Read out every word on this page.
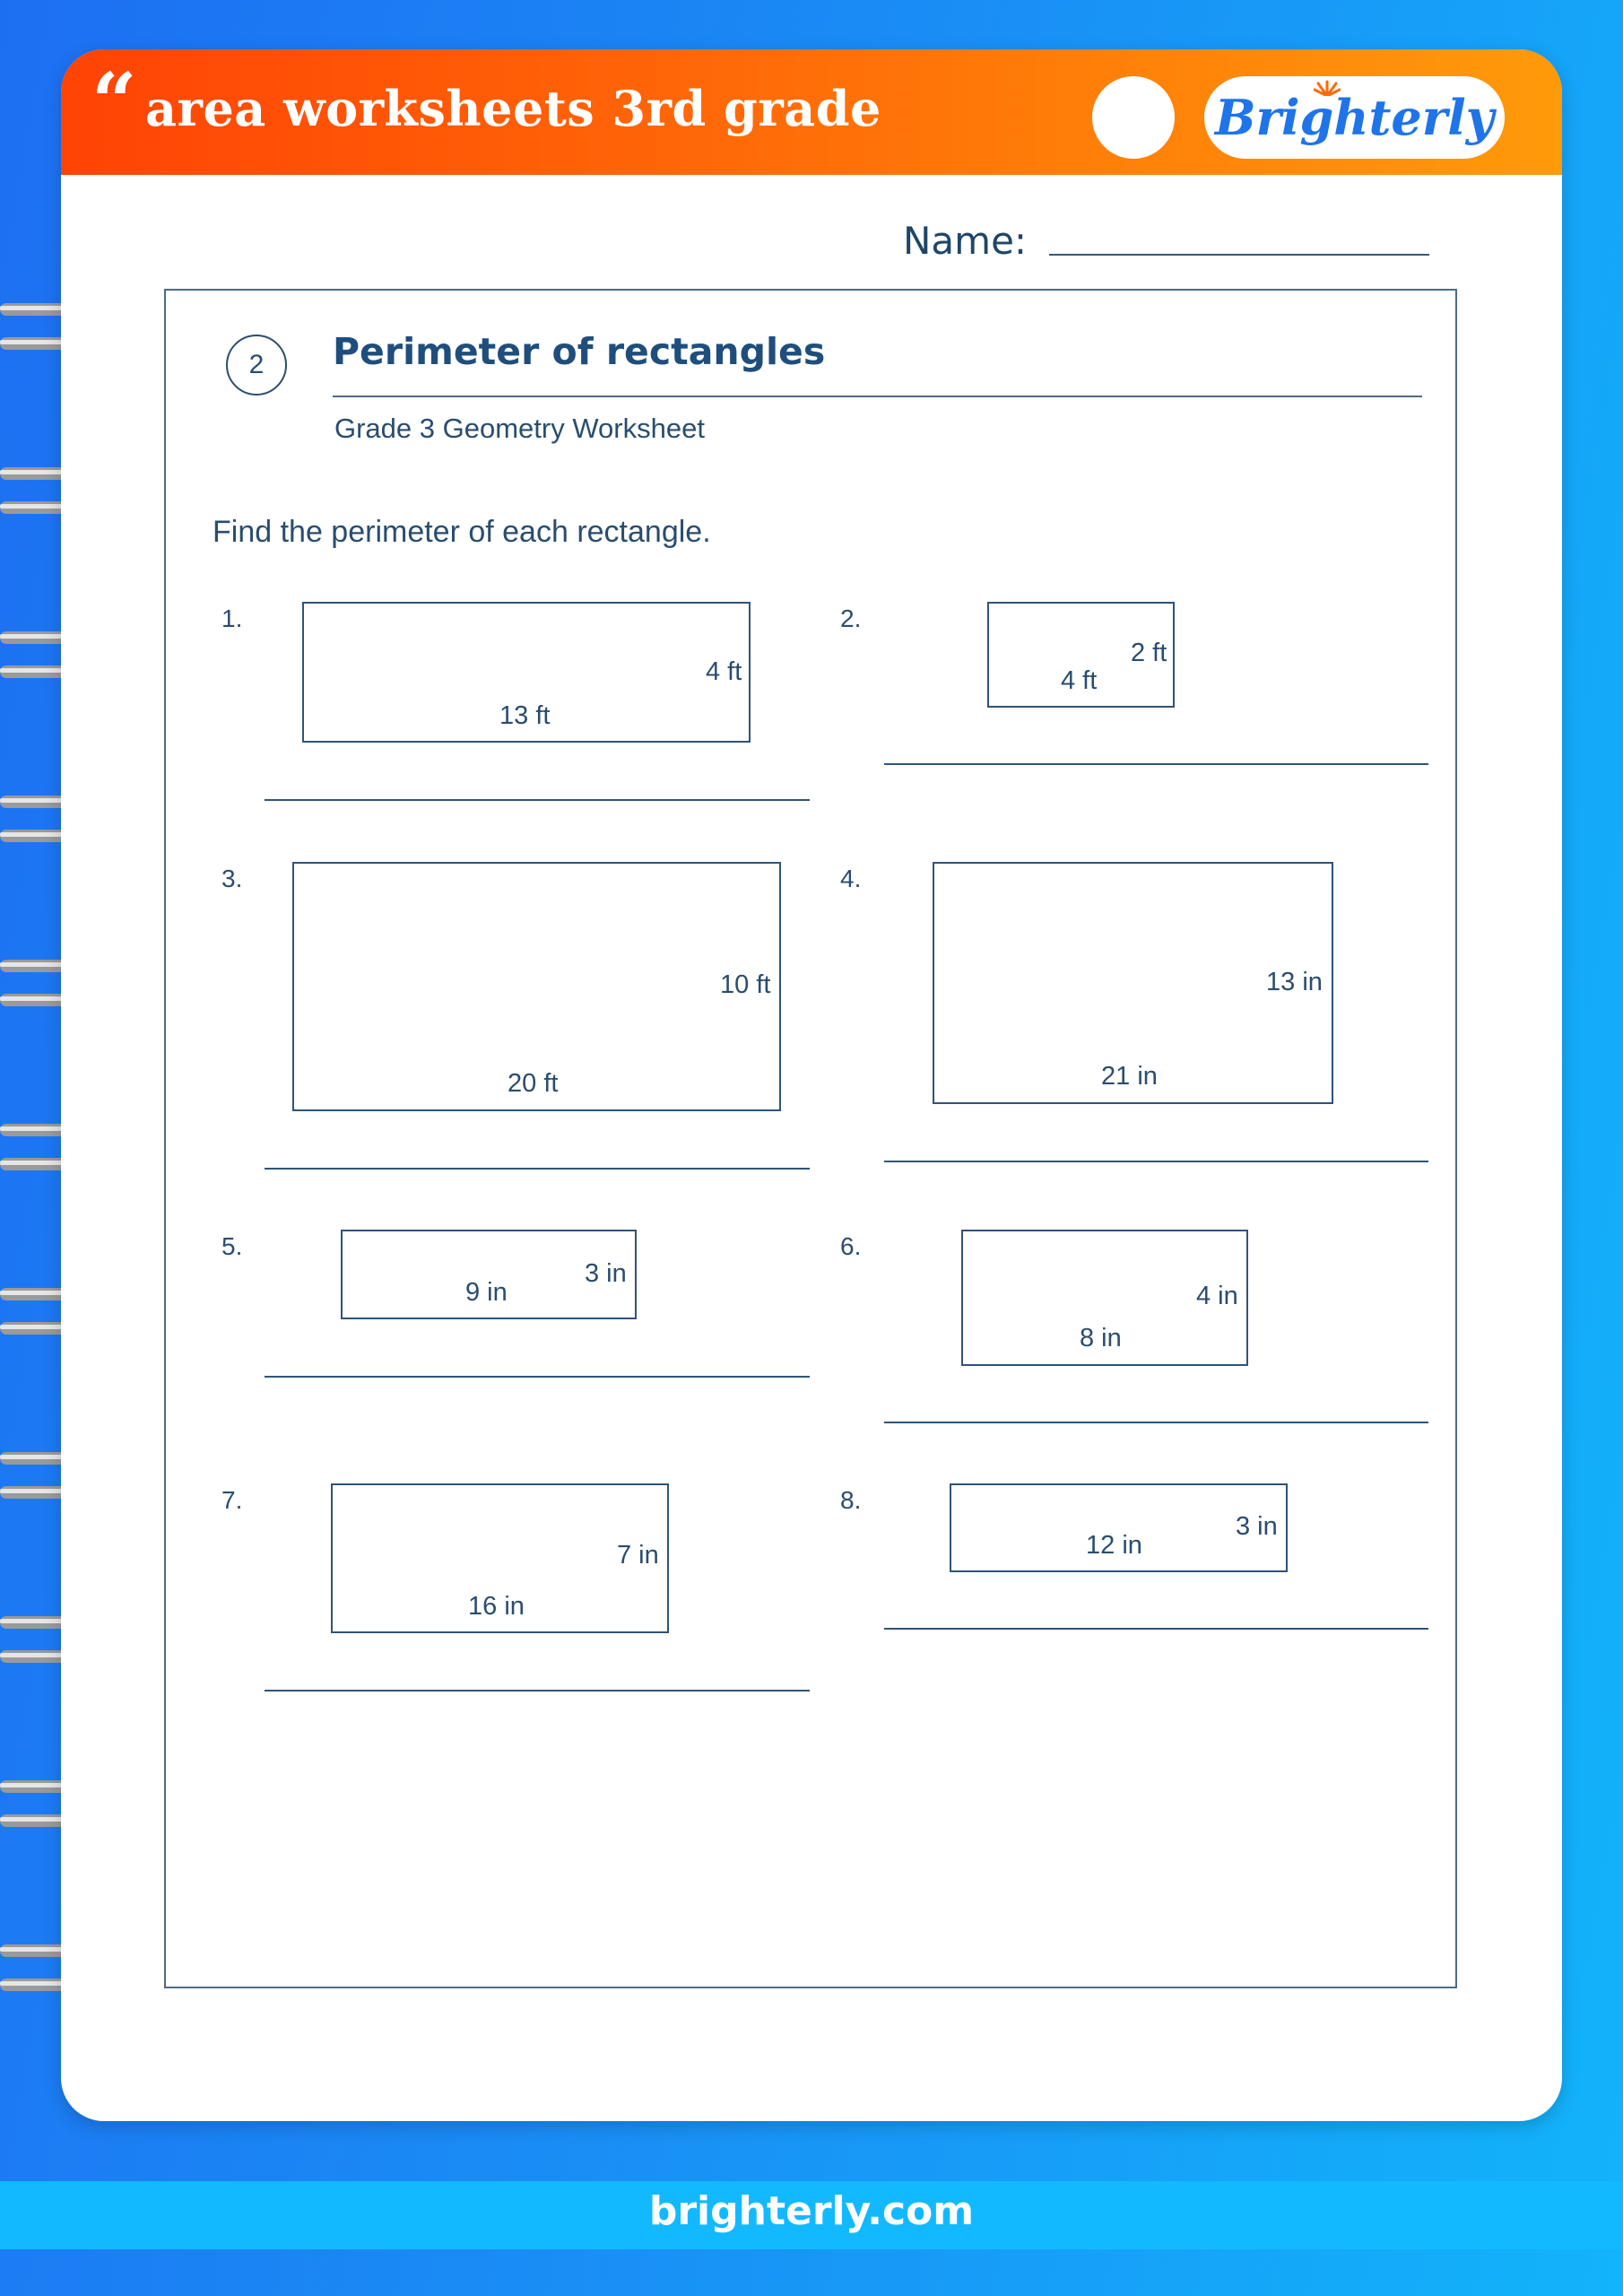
“ area worksheets 3rd grade	Brighterly
Name:
2	Perimeter of rectangles
Grade 3 Geometry Worksheet
Find the perimeter of each rectangle.
1.
13 ft
4 ft
2.
4 ft
2 ft
3.
20 ft
10 ft
4.
21 in
13 in
5.
9 in
3 in
6.
8 in
4 in
7.
16 in
7 in
8.
12 in
3 in
brighterly.com
